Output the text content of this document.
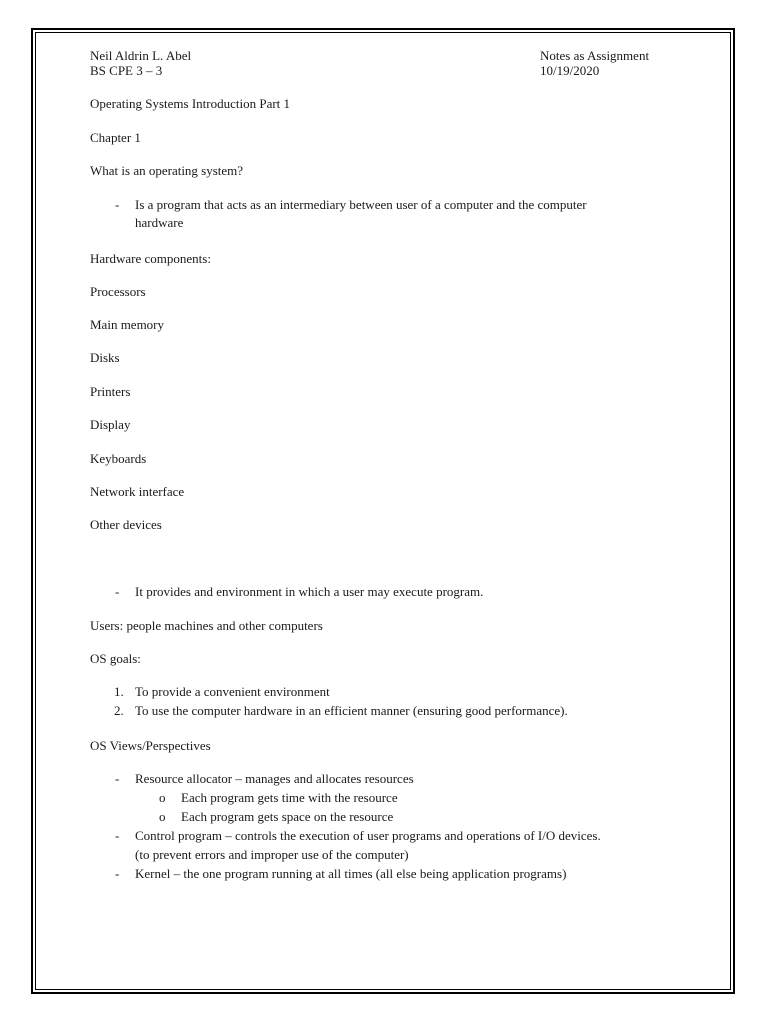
Neil Aldrin L. Abel
BS CPE 3 – 3
Notes as Assignment
10/19/2020
Operating Systems Introduction Part 1
Chapter 1
What is an operating system?
- Is a program that acts as an intermediary between user of a computer and the computer
hardware
Hardware components:
Processors
Main memory
Disks
Printers
Display
Keyboards
Network interface
Other devices
- It provides and environment in which a user may execute program.
Users: people machines and other computers
OS goals:
1. To provide a convenient environment
2. To use the computer hardware in an efficient manner (ensuring good performance).
OS Views/Perspectives
- Resource allocator – manages and allocates resources
o Each program gets time with the resource
o Each program gets space on the resource
- Control program – controls the execution of user programs and operations of I/O devices.
(to prevent errors and improper use of the computer)
- Kernel – the one program running at all times (all else being application programs)
